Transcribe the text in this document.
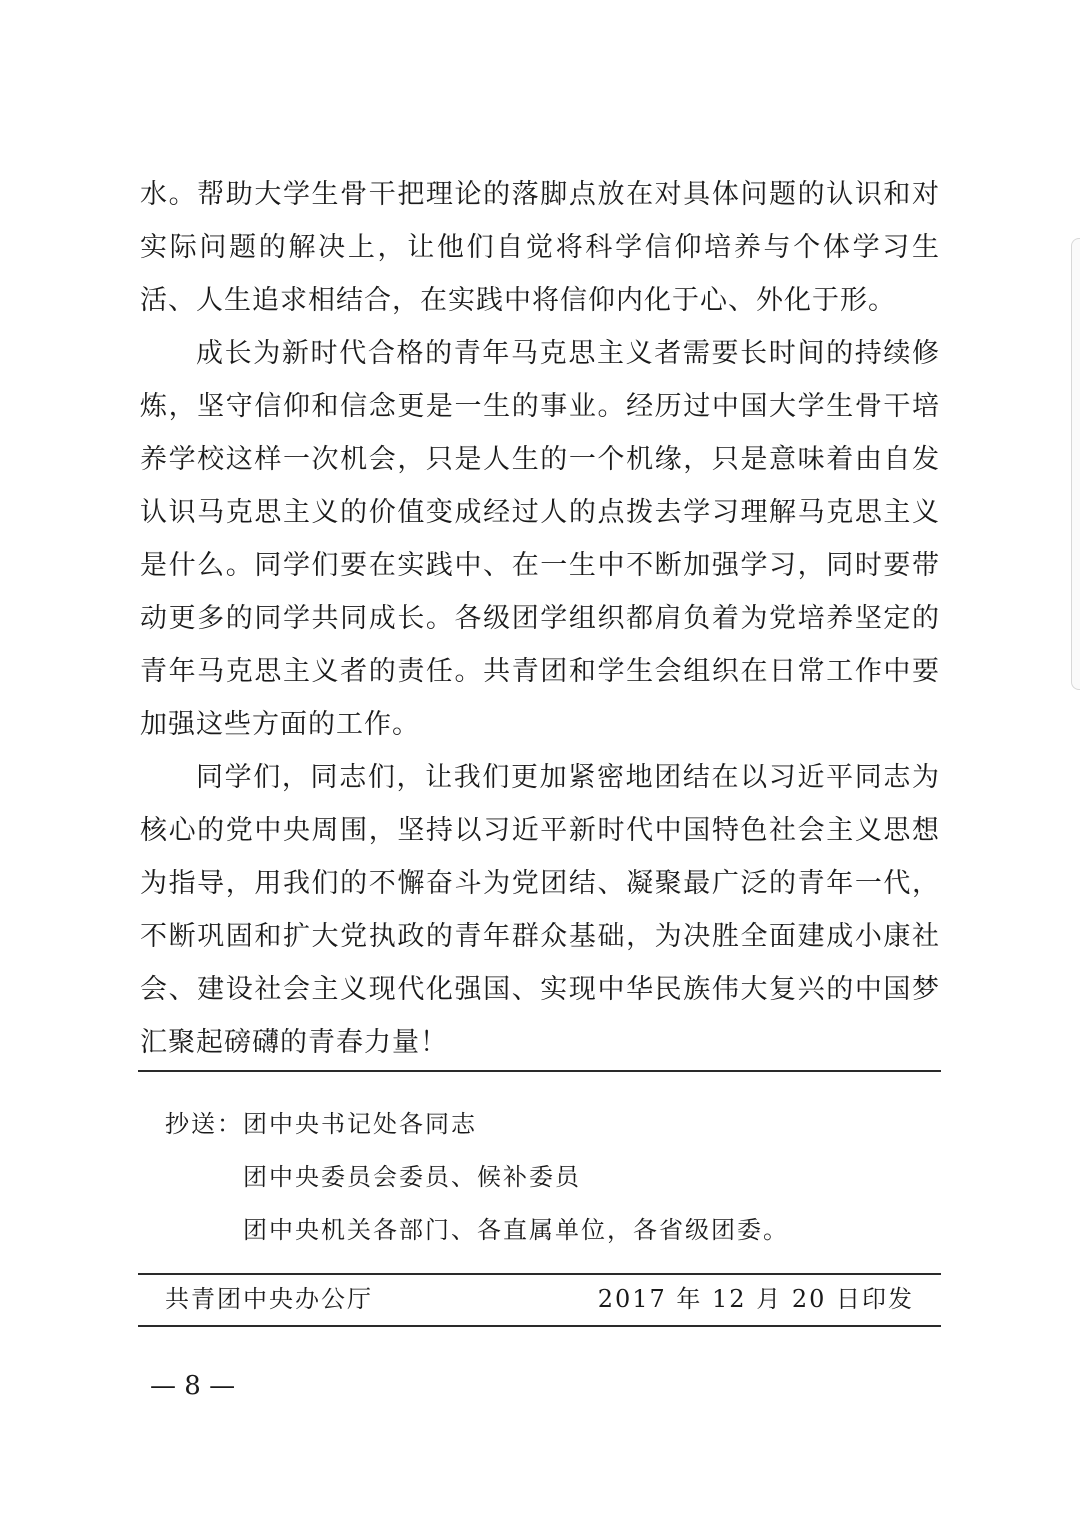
水。帮助大学生骨干把理论的落脚点放在对具体问题的认识和对
实际问题的解决上，让他们自觉将科学信仰培养与个体学习生
活、人生追求相结合，在实践中将信仰内化于心、外化于形。
成长为新时代合格的青年马克思主义者需要长时间的持续修
炼，坚守信仰和信念更是一生的事业。经历过中国大学生骨干培
养学校这样一次机会，只是人生的一个机缘，只是意味着由自发
认识马克思主义的价值变成经过人的点拨去学习理解马克思主义
是什么。同学们要在实践中、在一生中不断加强学习，同时要带
动更多的同学共同成长。各级团学组织都肩负着为党培养坚定的
青年马克思主义者的责任。共青团和学生会组织在日常工作中要
加强这些方面的工作。
同学们，同志们，让我们更加紧密地团结在以习近平同志为
核心的党中央周围，坚持以习近平新时代中国特色社会主义思想
为指导，用我们的不懈奋斗为党团结、凝聚最广泛的青年一代，
不断巩固和扩大党执政的青年群众基础，为决胜全面建成小康社
会、建设社会主义现代化强国、实现中华民族伟大复兴的中国梦
汇聚起磅礴的青春力量！
抄送：团中央书记处各同志
团中央委员会委员、候补委员
团中央机关各部门、各直属单位，各省级团委。
共青团中央办公厅	2017 年 12 月 20 日印发
— 8 —
